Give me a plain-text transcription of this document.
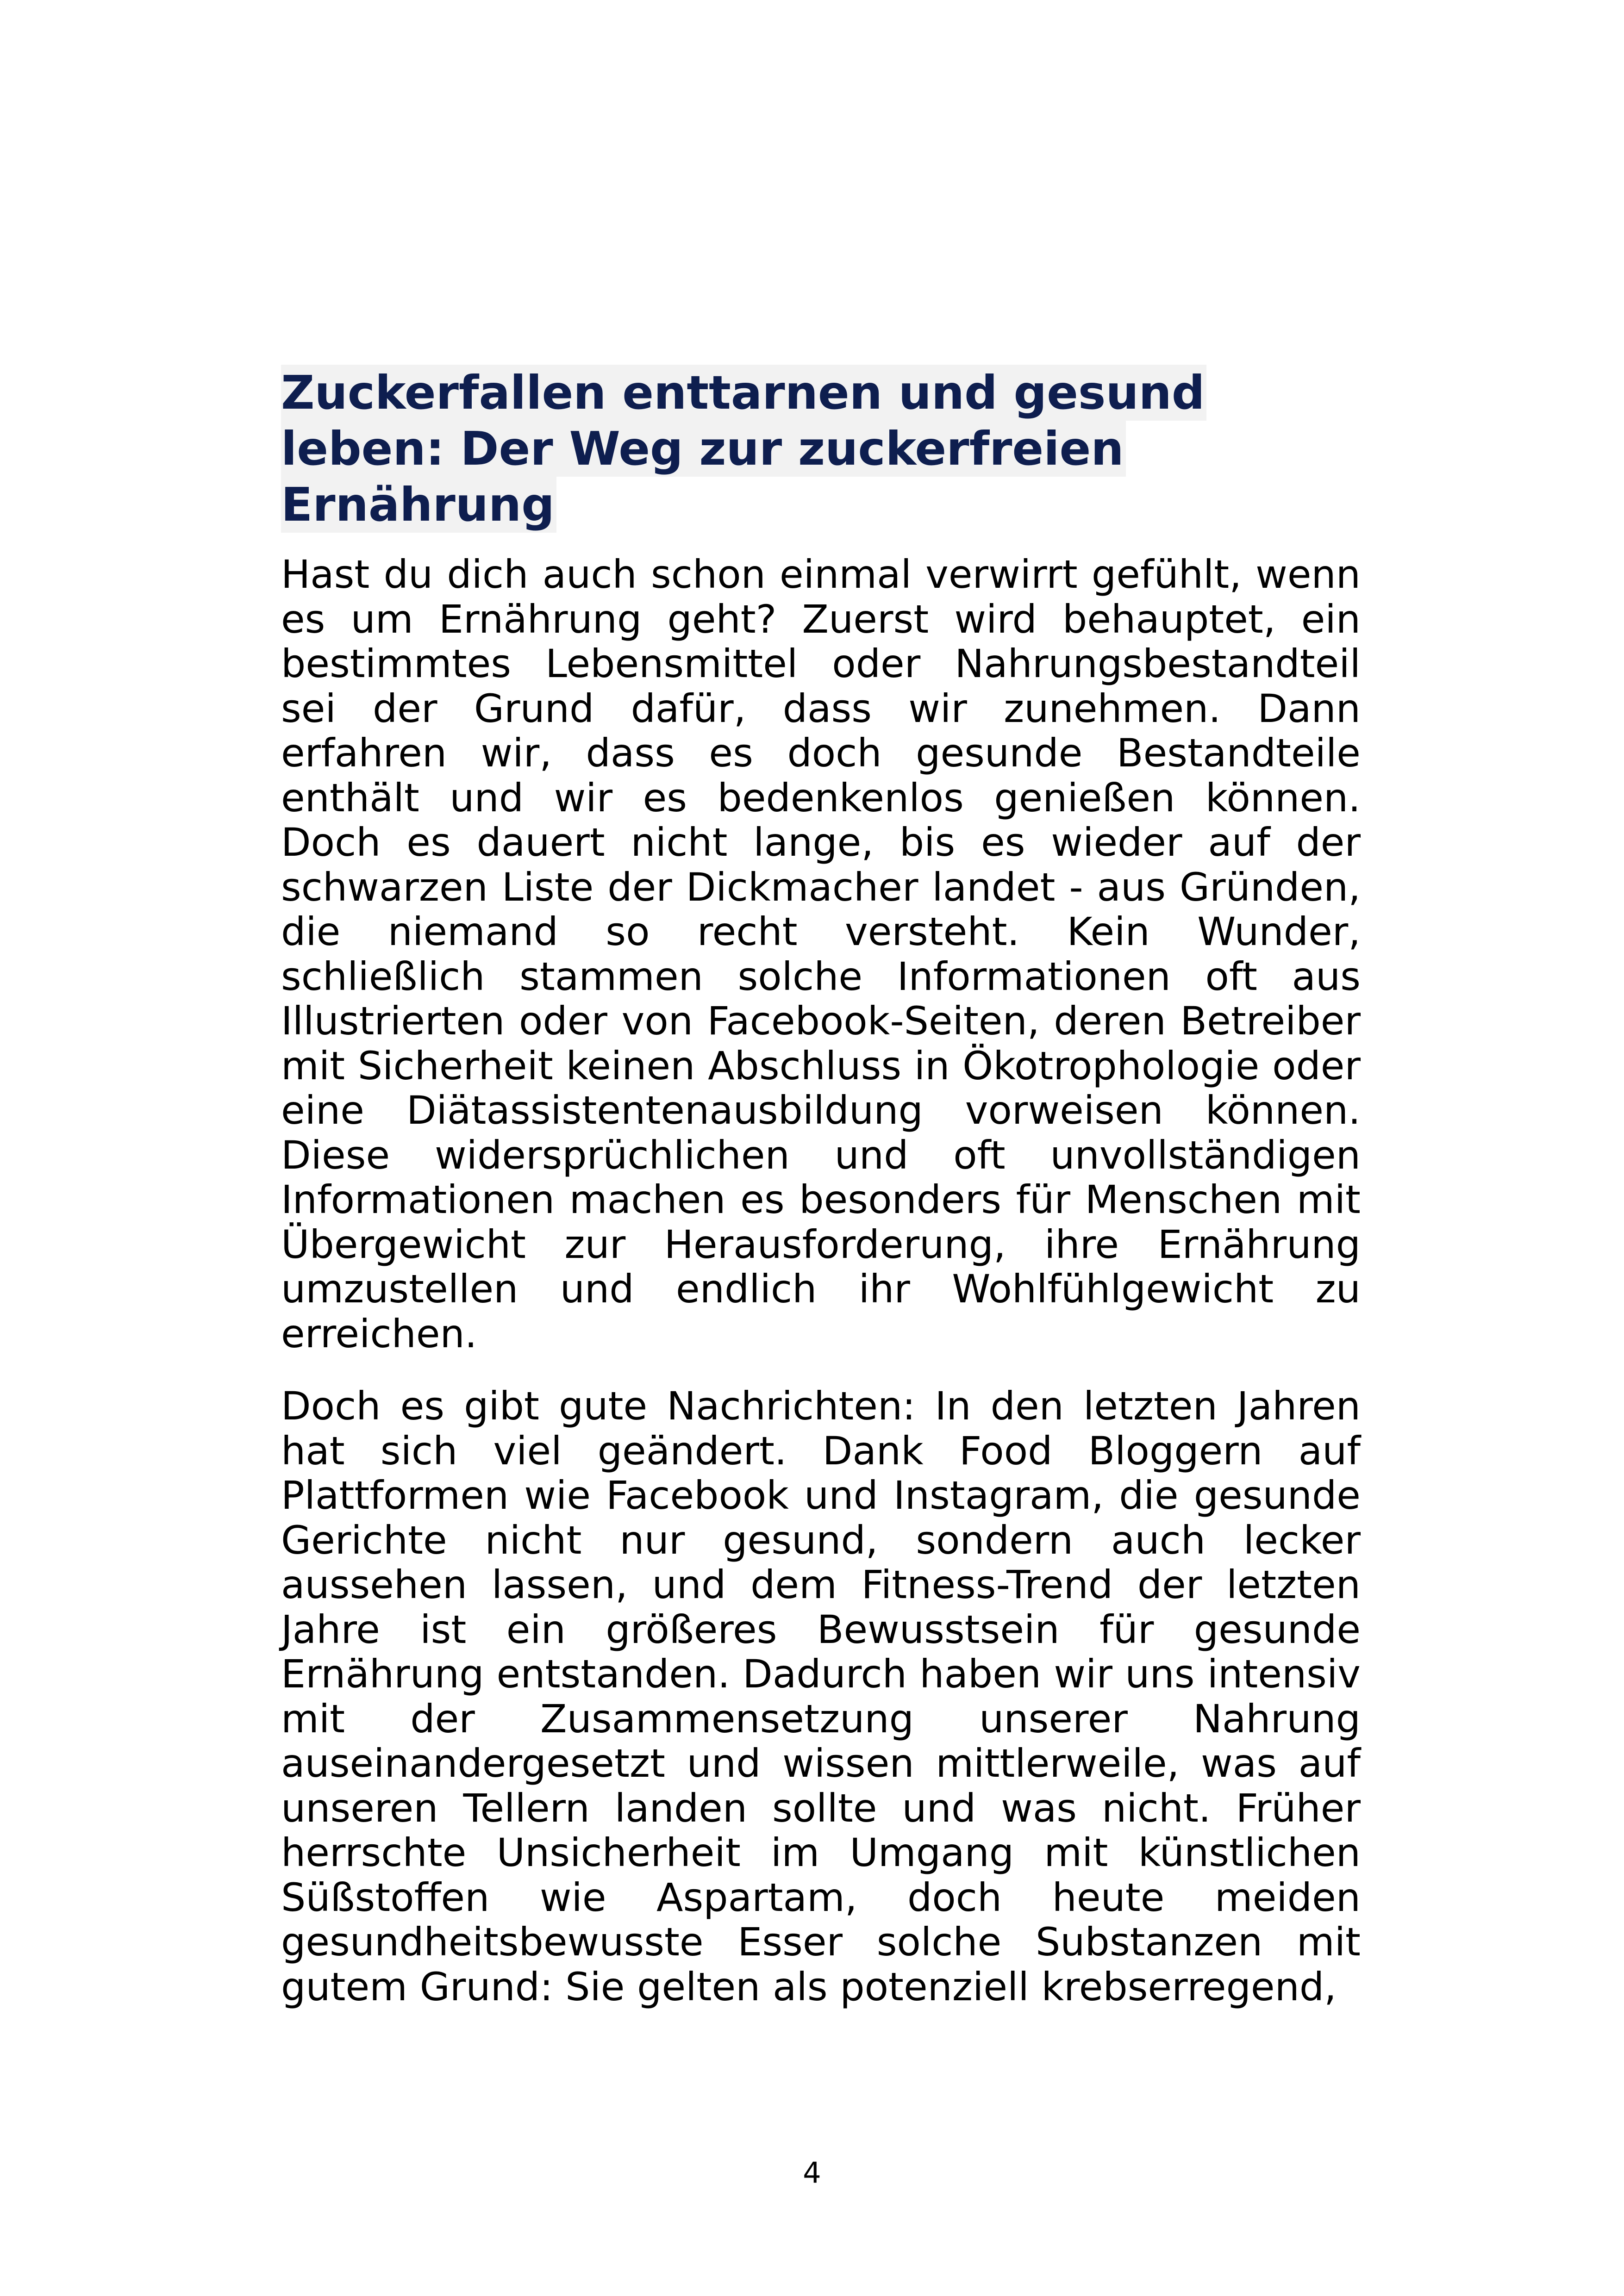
Zuckerfallen enttarnen und gesund
leben: Der Weg zur zuckerfreien
Ernährung

Hast du dich auch schon einmal verwirrt gefühlt, wenn es um Ernährung geht? Zuerst wird behauptet, ein bestimmtes Lebensmittel oder Nahrungsbestandteil sei der Grund dafür, dass wir zunehmen. Dann erfahren wir, dass es doch gesunde Bestandteile enthält und wir es bedenkenlos genießen können. Doch es dauert nicht lange, bis es wieder auf der schwarzen Liste der Dickmacher landet - aus Gründen, die niemand so recht versteht. Kein Wunder, schließlich stammen solche Informationen oft aus Illustrierten oder von Facebook-Seiten, deren Betreiber mit Sicherheit keinen Abschluss in Ökotrophologie oder eine Diätassistentenausbildung vorweisen können. Diese widersprüchlichen und oft unvollständigen Informationen machen es besonders für Menschen mit Übergewicht zur Herausforderung, ihre Ernährung umzustellen und endlich ihr Wohlfühlgewicht zu erreichen.

Doch es gibt gute Nachrichten: In den letzten Jahren hat sich viel geändert. Dank Food Bloggern auf Plattformen wie Facebook und Instagram, die gesunde Gerichte nicht nur gesund, sondern auch lecker aussehen lassen, und dem Fitness-Trend der letzten Jahre ist ein größeres Bewusstsein für gesunde Ernährung entstanden. Dadurch haben wir uns intensiv mit der Zusammensetzung unserer Nahrung auseinandergesetzt und wissen mittlerweile, was auf unseren Tellern landen sollte und was nicht. Früher herrschte Unsicherheit im Umgang mit künstlichen Süßstoffen wie Aspartam, doch heute meiden gesundheitsbewusste Esser solche Substanzen mit gutem Grund: Sie gelten als potenziell krebserregend,

4
